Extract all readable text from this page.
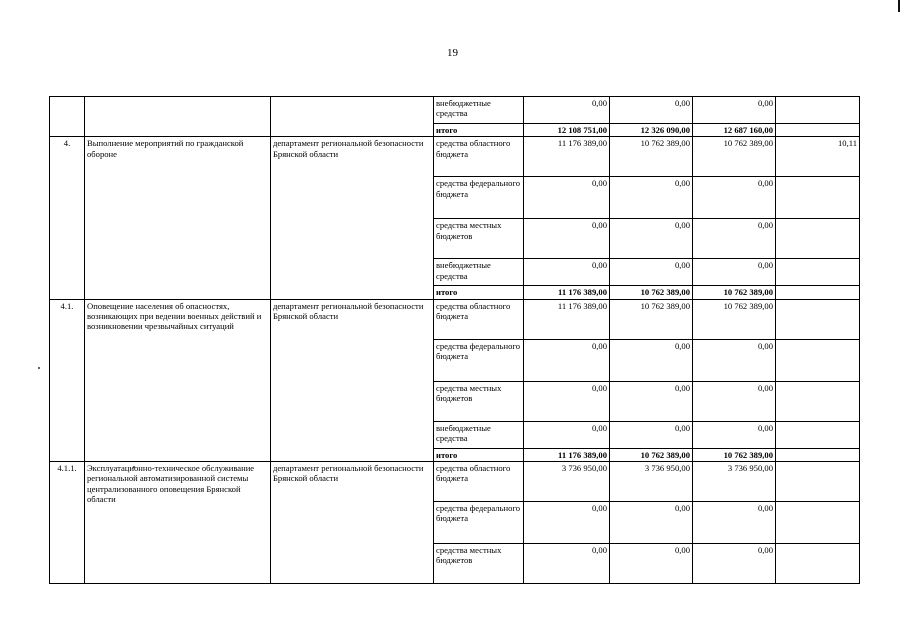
19
			внебюджетные средства	0,00	0,00	0,00	
			итого	12 108 751,00	12 326 090,00	12 687 160,00	
4.	Выполнение мероприятий по гражданской обороне	департамент региональной безопасности Брянской области	средства областного бюджета	11 176 389,00	10 762 389,00	10 762 389,00	10,11
			средства федерального бюджета	0,00	0,00	0,00	
			средства местных бюджетов	0,00	0,00	0,00	
			внебюджетные средства	0,00	0,00	0,00	
			итого	11 176 389,00	10 762 389,00	10 762 389,00	
4.1.	Оповещение населения об опасностях, возникающих при ведении военных действий и возникновении чрезвычайных ситуаций	департамент региональной безопасности Брянской области	средства областного бюджета	11 176 389,00	10 762 389,00	10 762 389,00	
			средства федерального бюджета	0,00	0,00	0,00	
			средства местных бюджетов	0,00	0,00	0,00	
			внебюджетные средства	0,00	0,00	0,00	
			итого	11 176 389,00	10 762 389,00	10 762 389,00	
4.1.1.	Эксплуатационно-техническое обслуживание региональной автоматизированной системы централизованного оповещения Брянской области	департамент региональной безопасности Брянской области	средства областного бюджета	3 736 950,00	3 736 950,00	3 736 950,00	
			средства федерального бюджета	0,00	0,00	0,00	
			средства местных бюджетов	0,00	0,00	0,00	
